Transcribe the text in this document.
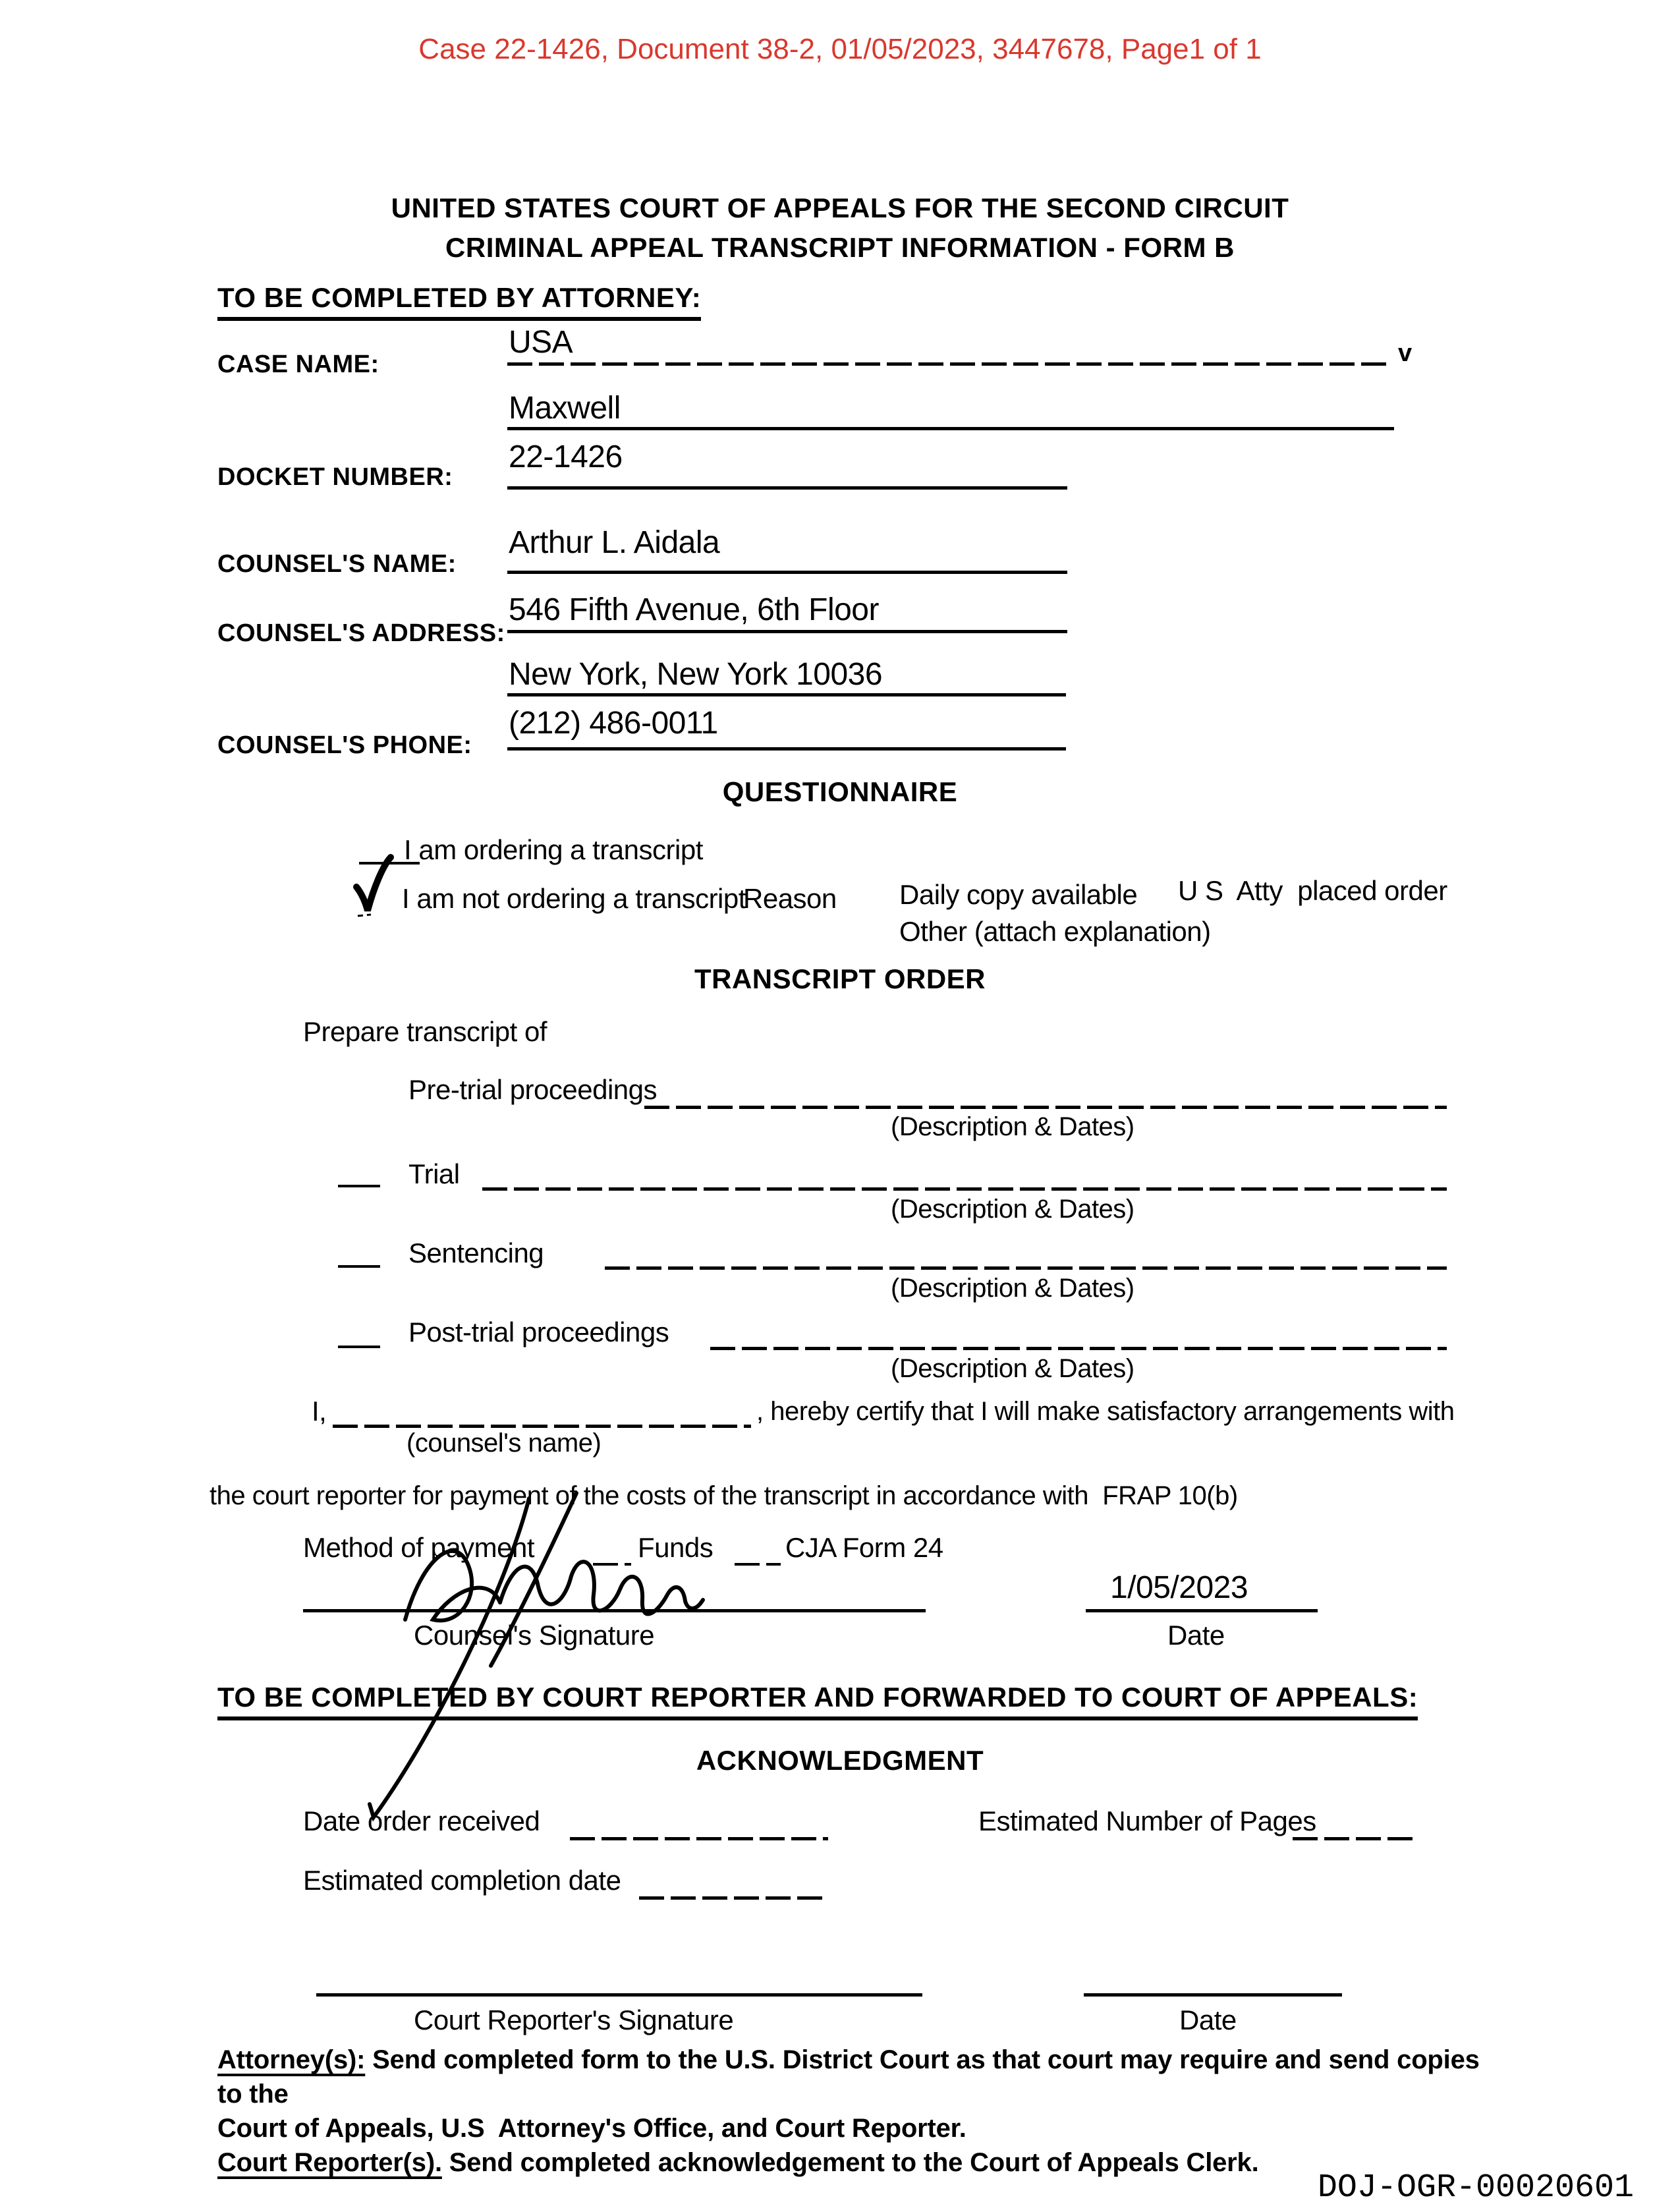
Case 22-1426, Document 38-2, 01/05/2023, 3447678, Page1 of 1
UNITED STATES COURT OF APPEALS FOR THE SECOND CIRCUIT
CRIMINAL APPEAL TRANSCRIPT INFORMATION - FORM B
TO BE COMPLETED BY ATTORNEY:
CASE NAME:
USA	v
Maxwell
DOCKET NUMBER:
22-1426
COUNSEL'S NAME:
Arthur L. Aidala
COUNSEL'S ADDRESS:
546 Fifth Avenue, 6th Floor
New York, New York 10036
COUNSEL'S PHONE:
(212) 486-0011
QUESTIONNAIRE
I am ordering a transcript
I am not ordering a transcript
Reason Daily copy available U S  Atty  placed order
Other (attach explanation)
TRANSCRIPT ORDER
Prepare transcript of
Pre-trial proceedings
(Description & Dates)
Trial
(Description & Dates)
Sentencing
(Description & Dates)
Post-trial proceedings
(Description & Dates)
I,	, hereby certify that I will make satisfactory arrangements with
(counsel's name)
the court reporter for payment of the costs of the transcript in accordance with  FRAP 10(b)
Method of payment	Funds	CJA Form 24
Counsel's Signature
1/05/2023
Date
TO BE COMPLETED BY COURT REPORTER AND FORWARDED TO COURT OF APPEALS:
ACKNOWLEDGMENT
Date order received	Estimated Number of Pages
Estimated completion date
Court Reporter's Signature	Date
Attorney(s): Send completed form to the U.S. District Court as that court may require and send copies to the
Court of Appeals, U.S  Attorney's Office, and Court Reporter.
Court Reporter(s). Send completed acknowledgement to the Court of Appeals Clerk.
DOJ-OGR-00020601
